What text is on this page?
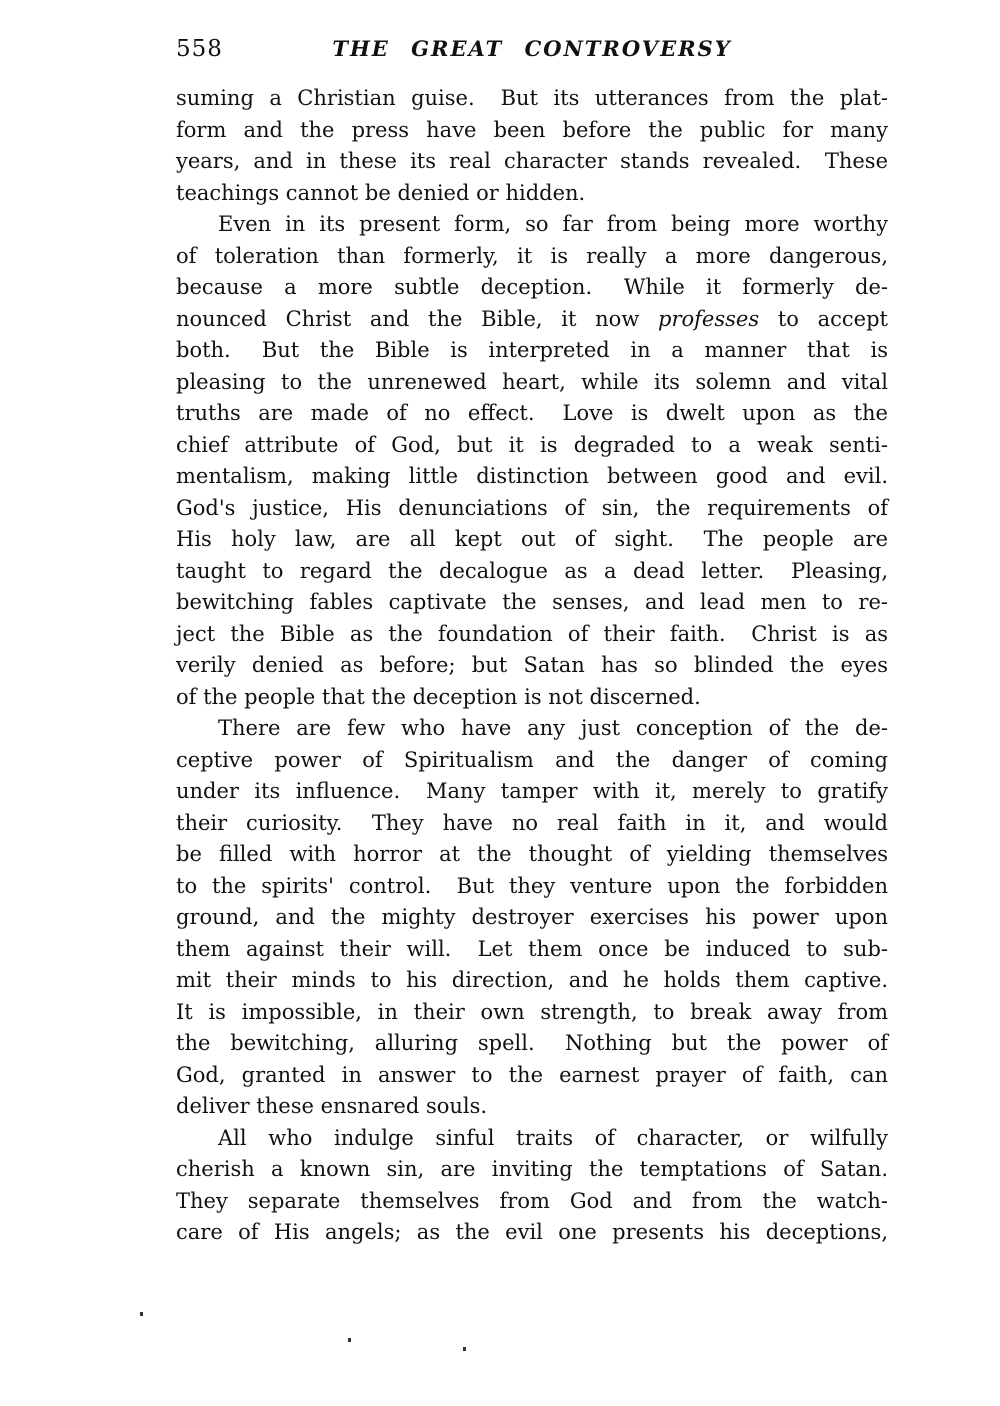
558	THE GREAT CONTROVERSY
suming a Christian guise.  But its utterances from the plat-
form and the press have been before the public for many
years, and in these its real character stands revealed.  These
teachings cannot be denied or hidden.
Even in its present form, so far from being more worthy
of toleration than formerly, it is really a more dangerous,
because a more subtle deception.  While it formerly de-
nounced Christ and the Bible, it now professes to accept
both.  But the Bible is interpreted in a manner that is
pleasing to the unrenewed heart, while its solemn and vital
truths are made of no effect.  Love is dwelt upon as the
chief attribute of God, but it is degraded to a weak senti-
mentalism, making little distinction between good and evil.
God's justice, His denunciations of sin, the requirements of
His holy law, are all kept out of sight.  The people are
taught to regard the decalogue as a dead letter.  Pleasing,
bewitching fables captivate the senses, and lead men to re-
ject the Bible as the foundation of their faith.  Christ is as
verily denied as before; but Satan has so blinded the eyes
of the people that the deception is not discerned.
There are few who have any just conception of the de-
ceptive power of Spiritualism and the danger of coming
under its influence.  Many tamper with it, merely to gratify
their curiosity.  They have no real faith in it, and would
be filled with horror at the thought of yielding themselves
to the spirits' control.  But they venture upon the forbidden
ground, and the mighty destroyer exercises his power upon
them against their will.  Let them once be induced to sub-
mit their minds to his direction, and he holds them captive.
It is impossible, in their own strength, to break away from
the bewitching, alluring spell.  Nothing but the power of
God, granted in answer to the earnest prayer of faith, can
deliver these ensnared souls.
All who indulge sinful traits of character, or wilfully
cherish a known sin, are inviting the temptations of Satan.
They separate themselves from God and from the watch-
care of His angels; as the evil one presents his deceptions,
